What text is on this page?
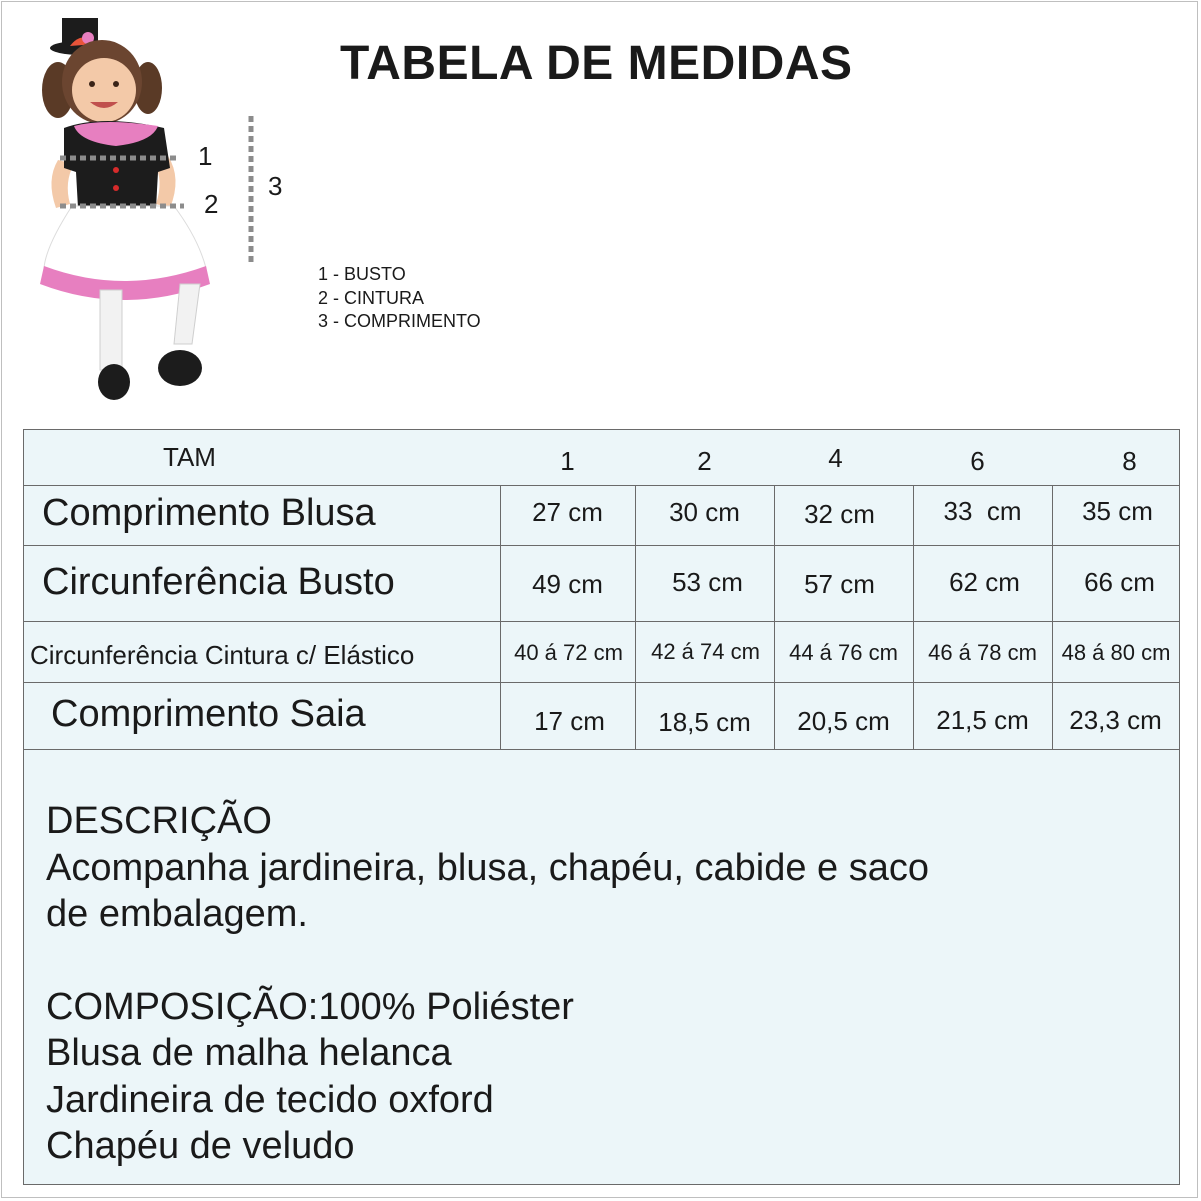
TABELA DE MEDIDAS
1
2
3
1 - BUSTO
2 - CINTURA
3 - COMPRIMENTO
TAM	1	2	4	6	8
Comprimento Blusa	27 cm	30 cm	32 cm	33  cm	35 cm
Circunferência Busto	49 cm	53 cm	57 cm	62 cm	66 cm
Circunferência Cintura c/ Elástico	40 á 72 cm	42 á 74 cm	44 á 76 cm	46 á 78 cm	48 á 80 cm
Comprimento Saia	17 cm	18,5 cm	20,5 cm	21,5 cm	23,3 cm
DESCRIÇÃO
Acompanha jardineira, blusa, chapéu, cabide e saco
de embalagem.
COMPOSIÇÃO:100% Poliéster
Blusa de malha helanca
Jardineira de tecido oxford
Chapéu de veludo
